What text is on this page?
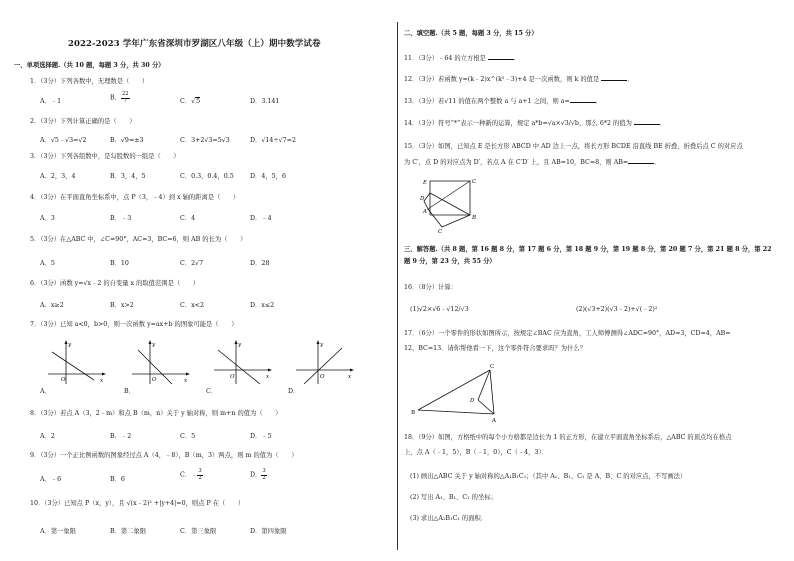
2022-2023 学年广东省深圳市罗湖区八年级（上）期中数学试卷
一、单项选择题.（共 10 题，每题 3 分，共 30 分）
1．（3分）下列各数中，无理数是（　　）
A．﹣1	B． $\frac{22}{7}$	C．√5	D．3.141
2．（3分）下列计算正确的是（　　）
A．√5﹣√3=√2	B．√9=±3	C．3+2√3=5√3	D．√14÷√7=2
3．（3分）下列各组数中，是勾股数的一组是（　　）
A．2，3，4	B．3，4，5	C．0.3，0.4，0.5	D．4，5，6
4．（3分）在平面直角坐标系中，点 P（3，﹣4）到 x 轴的距离是（　　）
A．3	B．﹣3	C．4	D．﹣4
5．（3分）在△ABC 中，∠C=90°，AC=3，BC=6，则 AB 的长为（　　）
A．5	B．10	C．2√7	D．28
6．（3分）函数 y=√x﹣2 的自变量 x 的取值范围是（　　）
A．x≥2	B．x>2	C．x<2	D．x≤2
7．（3分）已知 a<0，b>0，则一次函数 y=ax+b 的图象可能是（　　）
y
O	x
A．
y
O	x
B．
y
O	x
C．
y
O	x
D．
8．（3分）若点 A（3，2﹣m）和点 B（m，n）关于 y 轴对称，则 m+n 的值为（　　）
A．2	B．﹣2	C．5	D．﹣5
9．（3分）一个正比例函数的图象经过点 A（4，﹣8），B（m，3）两点，则 m 的值为（　　）
A．﹣6	B．6
C．﹣ $\frac{3}{2}$	D． $\frac{3}{2}$
10．（3分）已知点 P（x，y），且 √(x﹣2)² +|y+4|=0，则点 P 在（　　）
A．第一象限	B．第二象限	C．第三象限	D．第四象限
二、填空题.（共 5 题，每题 3 分，共 15 分）
11．（3分）﹣64 的立方根是	．
12．（3分）若函数 y=(k﹣2)x^(k²﹣3)+4 是一次函数，则 k 的值是	．
13．（3分）若√11 的值在两个整数 a 与 a+1 之间，则 a=	．
14．（3分）符号“*”表示一种新的运算，规定 a*b=√a×√3/√b，那么 6*2 的值为	．
15．（3分）如图，已知点 E 是长方形 ABCD 中 AD 边上一点，将长方形 BCDE 沿直线 BE 折叠，折叠后点 C 的对应点
为 C′，点 D 的对应点为 D′，若点 A 在 C′D′ 上，且 AB=10，BC=8，则 AB=	．
E
D
A
B
C
C
三、解答题.（共 8 题，第 16 题 8 分，第 17 题 6 分，第 18 题 9 分，第 19 题 8 分，第 20 题 7 分，第 21 题 8 分，第 22
题 9 分，第 23 分，共 55 分）
16．（8分）计算：
(1)√2×√6﹣√12/√3	(2)(√3+2)(√3﹣2)+√(﹣2)²
17．（6分）一个零件的形状如图所示，按规定∠BAC 应为直角，工人师傅测得∠ADC=90°，AD=3，CD=4，AB=
12，BC=13．请你帮他看一下，这个零件符合要求吗？为什么？
B
C
D
A
18．（9分）如图，方格纸中的每个小方格都是边长为 1 的正方形，在建立平面直角坐标系后，△ABC 的顶点均在格点
上，点 A（﹣1，5），B（﹣1，0），C（﹣4，3）．
(1) 画出△ABC 关于 y 轴对称的△A₁B₁C₁；（其中 A₁、B₁、C₁ 是 A、B、C 的对应点，不写画法）
(2) 写出 A₁、B₁、C₁ 的坐标；
(3) 求出△A₁B₁C₁ 的面积．
